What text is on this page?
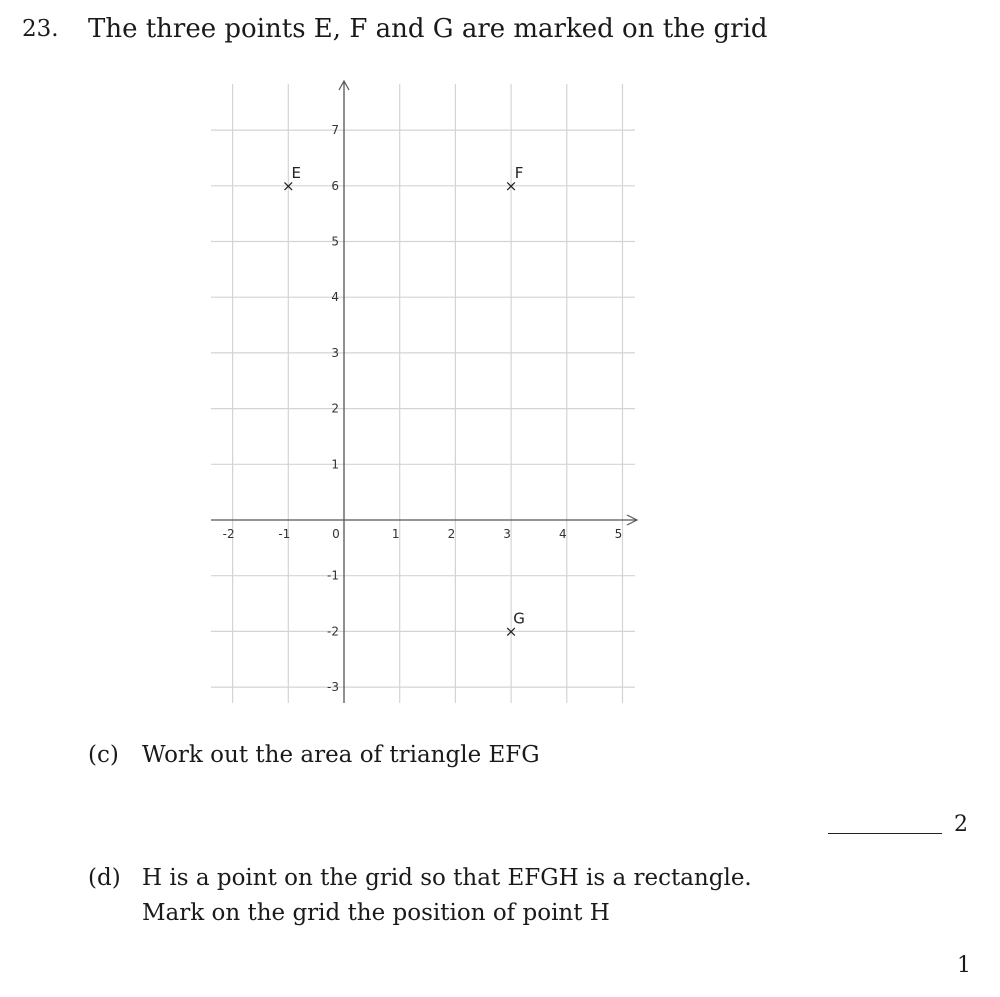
23. The three points E, F and G are marked on the grid
-2	-1	0	1	2	3	4	5
-3
-2
-1
1
2
3
4
5
6
7
×
E
×
F
×
G
(c) Work out the area of triangle EFG
2
(d) H is a point on the grid so that EFGH is a rectangle.
Mark on the grid the position of point H
1
